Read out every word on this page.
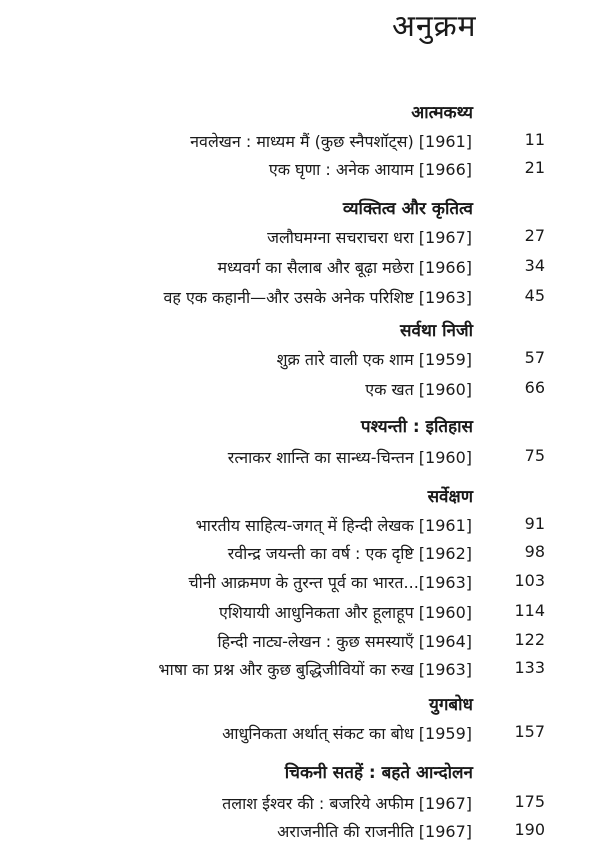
अनुक्रम
आत्मकथ्य
नवलेखन : माध्यम मैं (कुछ स्नैपशॉट्स) [1961]	11
एक घृणा : अनेक आयाम [1966]	21
व्यक्तित्व और कृतित्व
जलौघमग्ना सचराचरा धरा [1967]	27
मध्यवर्ग का सैलाब और बूढ़ा मछेरा [1966]	34
वह एक कहानी—और उसके अनेक परिशिष्ट [1963]	45
सर्वथा निजी
शुक्र तारे वाली एक शाम [1959]	57
एक खत [1960]	66
पश्यन्ती : इतिहास
रत्नाकर शान्ति का सान्ध्य-चिन्तन [1960]	75
सर्वेक्षण
भारतीय साहित्य-जगत् में हिन्दी लेखक [1961]	91
रवीन्द्र जयन्ती का वर्ष : एक दृष्टि [1962]	98
चीनी आक्रमण के तुरन्त पूर्व का भारत...[1963]	103
एशियायी आधुनिकता और हूलाहूप [1960]	114
हिन्दी नाट्य-लेखन : कुछ समस्याएँ [1964]	122
भाषा का प्रश्न और कुछ बुद्धिजीवियों का रुख [1963]	133
युगबोध
आधुनिकता अर्थात् संकट का बोध [1959]	157
चिकनी सतहें : बहते आन्दोलन
तलाश ईश्वर की : बजरिये अफीम [1967]	175
अराजनीति की राजनीति [1967]	190
